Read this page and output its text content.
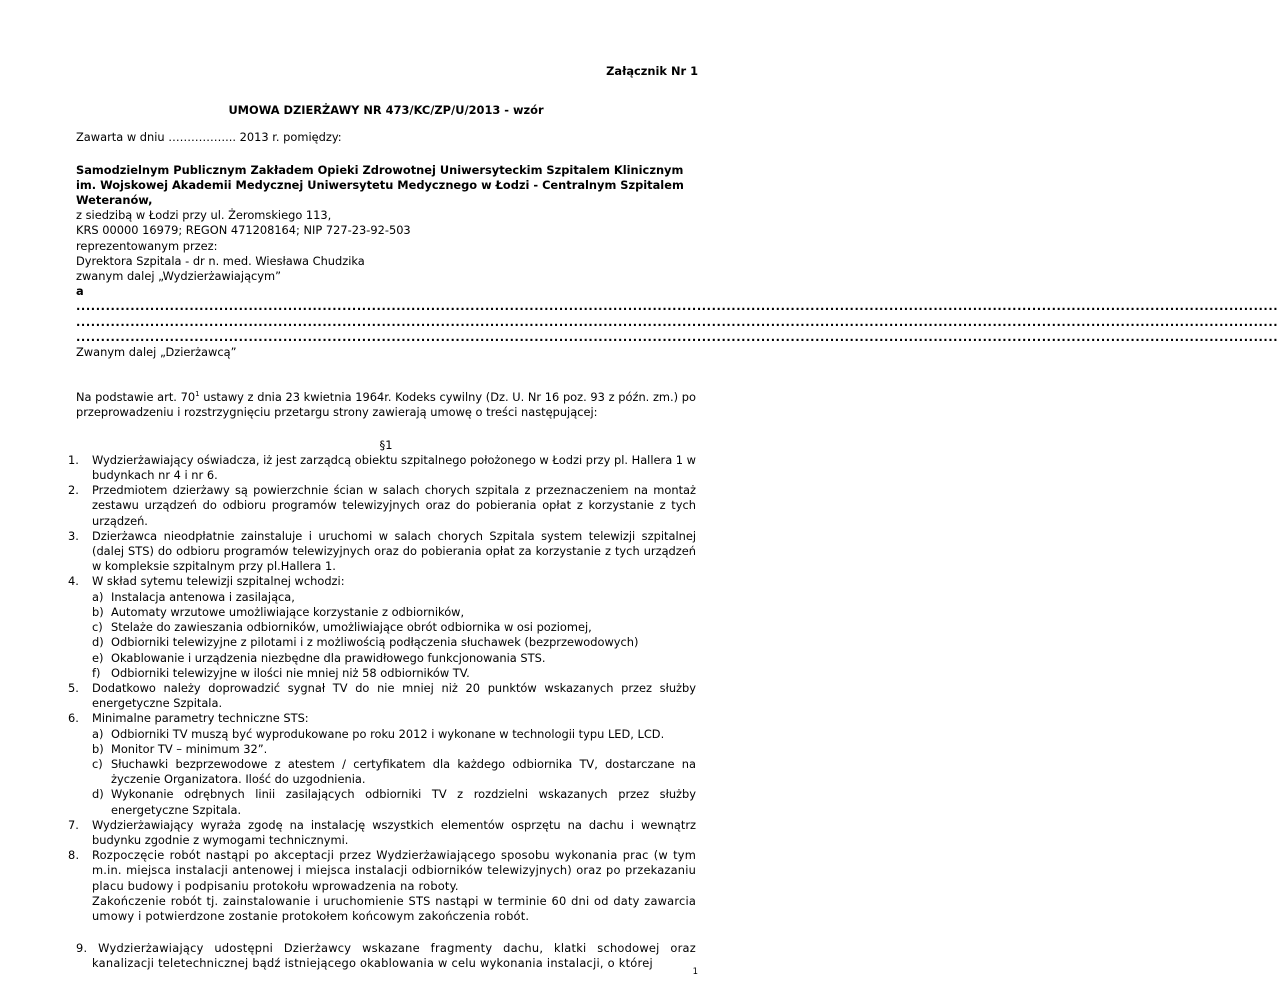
Załącznik Nr 1
UMOWA DZIERŻAWY NR 473/KC/ZP/U/2013 - wzór
Zawarta w dniu ……………... 2013 r. pomiędzy:
Samodzielnym Publicznym Zakładem Opieki Zdrowotnej Uniwersyteckim Szpitalem Klinicznym
im. Wojskowej Akademii Medycznej Uniwersytetu Medycznego w Łodzi - Centralnym Szpitalem
Weteranów,
z siedzibą w Łodzi przy ul. Żeromskiego 113,
KRS 00000 16979; REGON 471208164; NIP 727-23-92-503
reprezentowanym przez:
Dyrektora Szpitala - dr n. med. Wiesława Chudzika
zwanym dalej „Wydzierżawiającym”
a
....................................................................................................................................................................................................................................................
....................................................................................................................................................................................................................................................
....................................................................................................................................................................................................................................................
Zwanym dalej „Dzierżawcą”
Na podstawie art. $70^1$ ustawy z dnia 23 kwietnia 1964r. Kodeks cywilny (Dz. U. Nr 16 poz. 93 z późn. zm.) po przeprowadzeniu i rozstrzygnięciu przetargu strony zawierają umowę o treści następującej:
§1
1. Wydzierżawiający oświadcza, iż jest zarządcą obiektu szpitalnego położonego w Łodzi przy pl. Hallera 1 w budynkach nr 4 i nr 6.
2. Przedmiotem dzierżawy są powierzchnie ścian w salach chorych szpitala z przeznaczeniem na montaż zestawu urządzeń do odbioru programów telewizyjnych oraz do pobierania opłat z korzystanie z tych urządzeń.
3. Dzierżawca nieodpłatnie zainstaluje i uruchomi w salach chorych Szpitala system telewizji szpitalnej (dalej STS) do odbioru programów telewizyjnych oraz do pobierania opłat za korzystanie z tych urządzeń w kompleksie szpitalnym przy pl.Hallera 1.
4. W skład sytemu telewizji szpitalnej wchodzi:
a) Instalacja antenowa i zasilająca,
b) Automaty wrzutowe umożliwiające korzystanie z odbiorników,
c) Stelaże do zawieszania odbiorników, umożliwiające obrót odbiornika w osi poziomej,
d) Odbiorniki telewizyjne z pilotami i z możliwością podłączenia słuchawek (bezprzewodowych)
e) Okablowanie i urządzenia niezbędne dla prawidłowego funkcjonowania STS.
f) Odbiorniki telewizyjne w ilości nie mniej niż 58 odbiorników TV.
5. Dodatkowo należy doprowadzić sygnał TV do nie mniej niż 20 punktów wskazanych przez służby energetyczne Szpitala.
6. Minimalne parametry techniczne STS:
a) Odbiorniki TV muszą być wyprodukowane po roku 2012 i wykonane w technologii typu LED, LCD.
b) Monitor TV – minimum 32”.
c) Słuchawki bezprzewodowe z atestem / certyfikatem dla każdego odbiornika TV, dostarczane na życzenie Organizatora. Ilość do uzgodnienia.
d) Wykonanie odrębnych linii zasilających odbiorniki TV z rozdzielni wskazanych przez służby energetyczne Szpitala.
7. Wydzierżawiający wyraża zgodę na instalację wszystkich elementów osprzętu na dachu i wewnątrz budynku zgodnie z wymogami technicznymi.
8. Rozpoczęcie robót nastąpi po akceptacji przez Wydzierżawiającego sposobu wykonania prac (w tym m.in. miejsca instalacji antenowej i miejsca instalacji odbiorników telewizyjnych) oraz po przekazaniu placu budowy i podpisaniu protokołu wprowadzenia na roboty.
Zakończenie robót tj. zainstalowanie i uruchomienie STS nastąpi w terminie 60 dni od daty zawarcia umowy i potwierdzone zostanie protokołem końcowym zakończenia robót.
9. Wydzierżawiający udostępni Dzierżawcy wskazane fragmenty dachu, klatki schodowej oraz kanalizacji teletechnicznej bądź istniejącego okablowania w celu wykonania instalacji, o której
1
